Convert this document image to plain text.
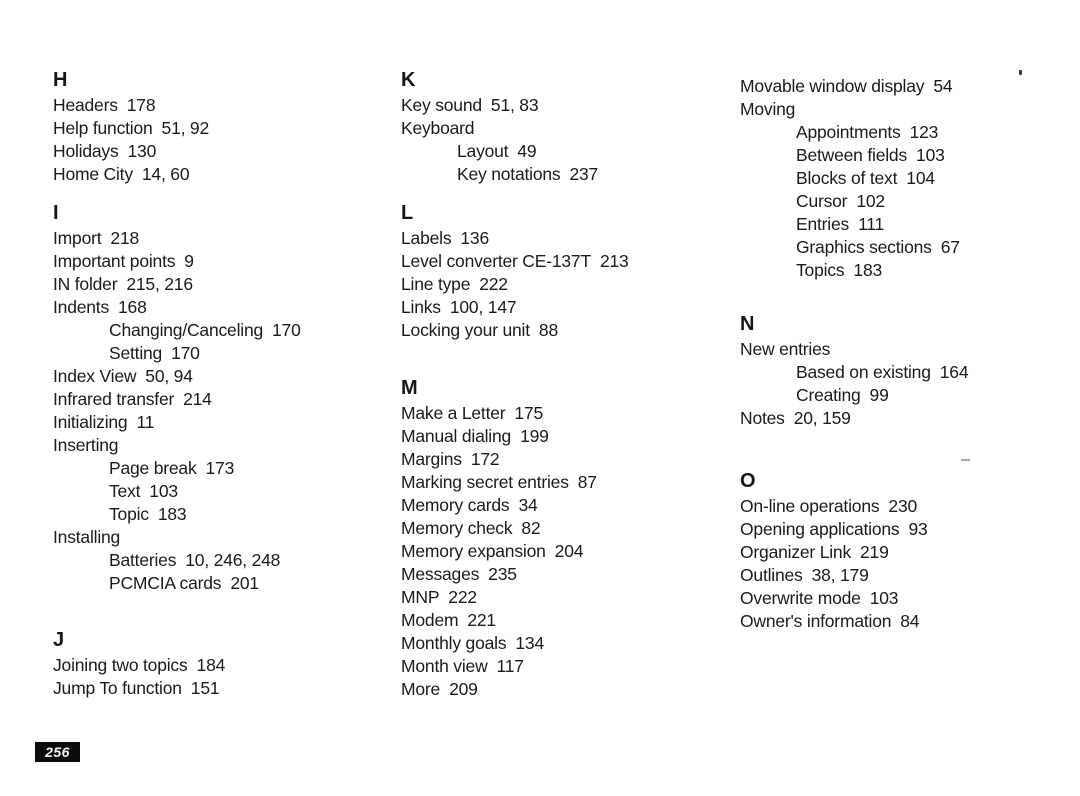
H
Headers 178
Help function 51, 92
Holidays 130
Home City 14, 60
I
Import 218
Important points 9
IN folder 215, 216
Indents 168
Changing/Canceling 170
Setting 170
Index View 50, 94
Infrared transfer 214
Initializing 11
Inserting
Page break 173
Text 103
Topic 183
Installing
Batteries 10, 246, 248
PCMCIA cards 201
J
Joining two topics 184
Jump To function 151
K
Key sound 51, 83
Keyboard
Layout 49
Key notations 237
L
Labels 136
Level converter CE-137T 213
Line type 222
Links 100, 147
Locking your unit 88
M
Make a Letter 175
Manual dialing 199
Margins 172
Marking secret entries 87
Memory cards 34
Memory check 82
Memory expansion 204
Messages 235
MNP 222
Modem 221
Monthly goals 134
Month view 117
More 209
Movable window display 54
Moving
Appointments 123
Between fields 103
Blocks of text 104
Cursor 102
Entries 111
Graphics sections 67
Topics 183
N
New entries
Based on existing 164
Creating 99
Notes 20, 159
O
On-line operations 230
Opening applications 93
Organizer Link 219
Outlines 38, 179
Overwrite mode 103
Owner's information 84
256
